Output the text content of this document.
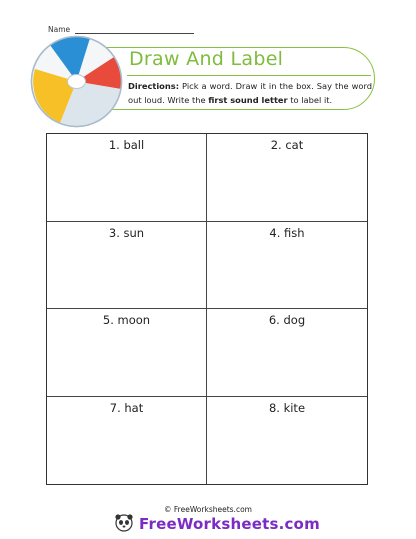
Name
Draw And Label
Directions: Pick a word. Draw it in the box. Say the word out loud. Write the first sound letter to label it.
1. ball	2. cat
3. sun	4. fish
5. moon	6. dog
7. hat	8. kite
© FreeWorksheets.com
FreeWorksheets.com
